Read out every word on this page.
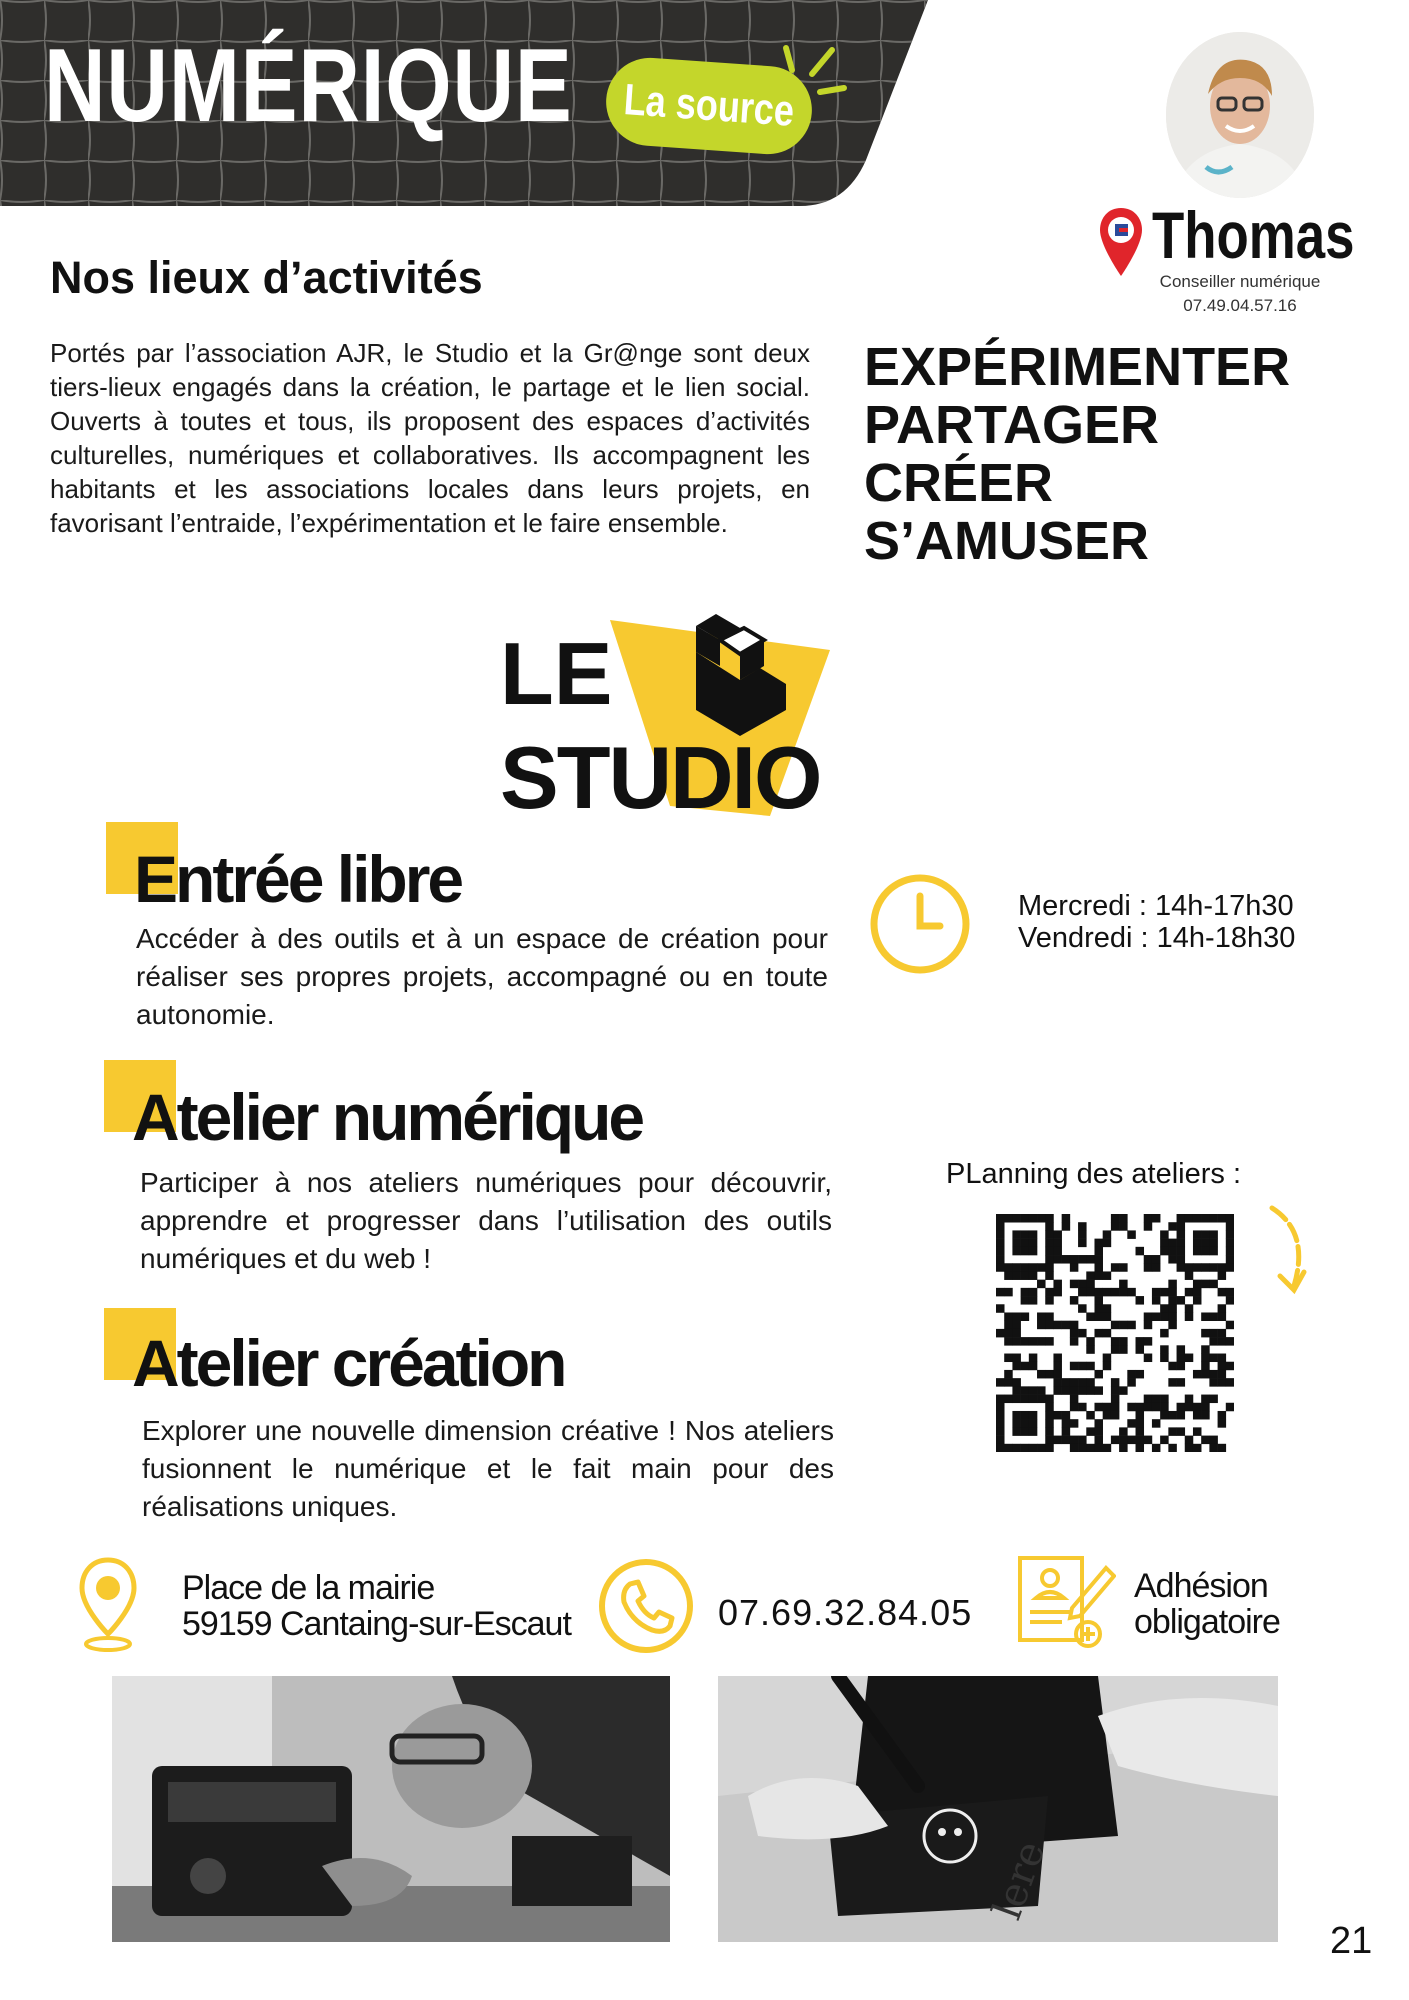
NUMÉRIQUE La source
Thomas
Conseiller numérique
07.49.04.57.16
Nos lieux d’activités
Portés par l’association AJR, le Studio et la Gr@nge sont deux tiers-lieux engagés dans la création, le partage et le lien social. Ouverts à toutes et tous, ils proposent des espaces d’activités culturelles, numériques et collaboratives. Ils accompagnent les habitants et les associations locales dans leurs projets, en favorisant l’entraide, l’expérimentation et le faire ensemble.
EXPÉRIMENTER
PARTAGER
CRÉER
S’AMUSER
LE
STUDIO
Entrée libre
Accéder à des outils et à un espace de création pour réaliser ses propres projets, accompagné ou en toute autonomie.
Mercredi : 14h-17h30
Vendredi : 14h-18h30
Atelier numérique
Participer à nos ateliers numériques pour découvrir, apprendre et progresser dans l’utilisation des outils numériques et du web !
PLanning des ateliers :
Atelier création
Explorer une nouvelle dimension créative ! Nos ateliers fusionnent le numérique et le fait main pour des réalisations uniques.
Place de la mairie
59159 Cantaing-sur-Escaut	07.69.32.84.05
Adhésion
obligatoire
lere
21
